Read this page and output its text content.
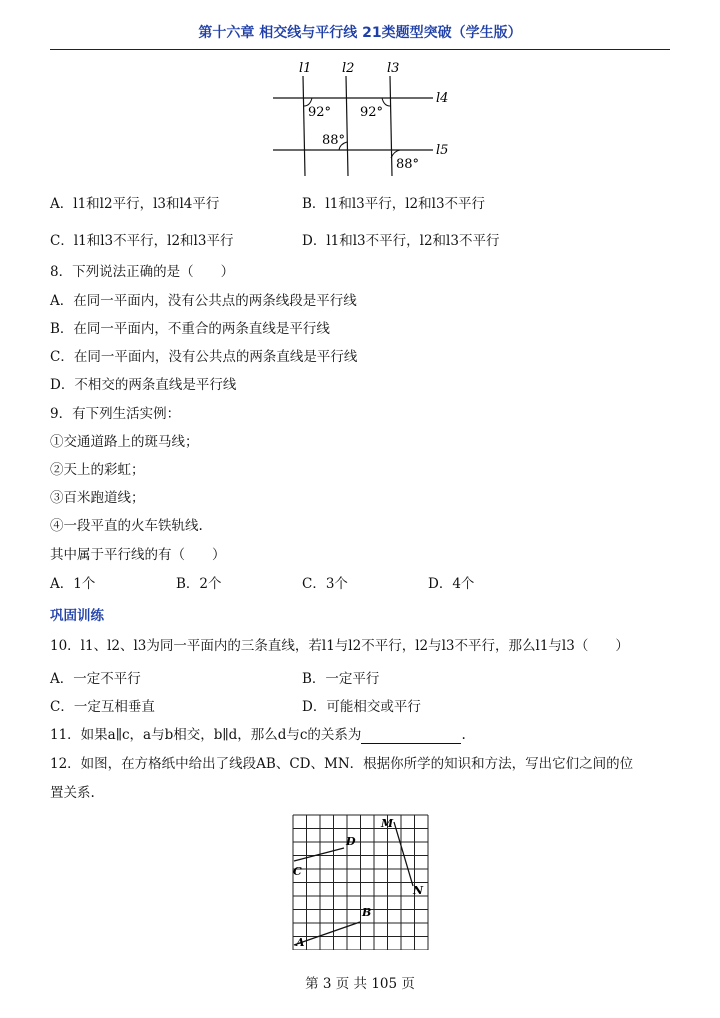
第十六章 相交线与平行线 21类题型突破（学生版）
l1 l2	l3
l4
l5
92° 92°
88°
88°
A．l1和l2平行，l3和l4平行	B．l1和l3平行，l2和l3不平行
C．l1和l3不平行，l2和l3平行	D．l1和l3不平行，l2和l3不平行
8．下列说法正确的是（　　）
A．在同一平面内，没有公共点的两条线段是平行线
B．在同一平面内，不重合的两条直线是平行线
C．在同一平面内，没有公共点的两条直线是平行线
D．不相交的两条直线是平行线
9．有下列生活实例：
①交通道路上的斑马线；
②天上的彩虹；
③百米跑道线；
④一段平直的火车铁轨线.
其中属于平行线的有（　　）
A．1个	B．2个	C．3个	D．4个
巩固训练
10．l1、l2、l3为同一平面内的三条直线，若l1与l2不平行，l2与l3不平行，那么l1与l3（　　）
A．一定不平行	B．一定平行
C．一定互相垂直	D．可能相交或平行
11．如果a∥c，a与b相交，b∥d，那么d与c的关系为	.
12．如图，在方格纸中给出了线段AB、CD、MN．根据你所学的知识和方法，写出它们之间的位
置关系.
A
B
C
D
M
N
第 3 页 共 105 页
